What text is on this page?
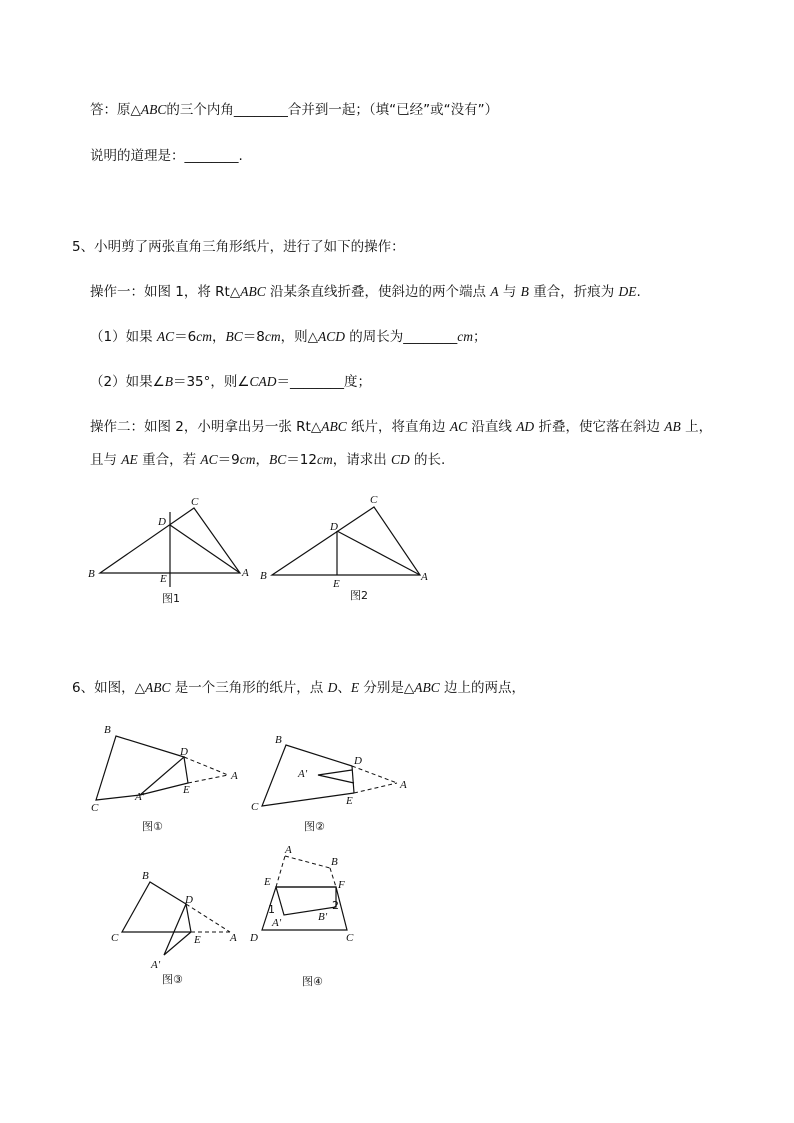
答：原△ABC的三个内角________合并到一起；（填“已经”或“没有”）
说明的道理是：________.
5、小明剪了两张直角三角形纸片，进行了如下的操作：
操作一：如图 1，将 Rt△ABC 沿某条直线折叠，使斜边的两个端点 A 与 B 重合，折痕为 DE.
（1）如果 AC＝6cm，BC＝8cm，则△ACD 的周长为________cm；
（2）如果∠B＝35°，则∠CAD＝________度；
操作二：如图 2，小明拿出另一张 Rt△ABC 纸片，将直角边 AC 沿直线 AD 折叠，使它落在斜边 AB 上，
且与 AE 重合，若 AC＝9cm，BC＝12cm，请求出 CD 的长.
B
C
D
E	A
图1
B
C
D
E
A
图2
6、如图，△ABC 是一个三角形的纸片，点 D、E 分别是△ABC 边上的两点，
B
D
A
E
A′
C
图①
B
D
A′
A
E
C
图②
B
D
C	E	A
A′
图③
A
B
E	F
1	2
A′	B′
D	C
图④
